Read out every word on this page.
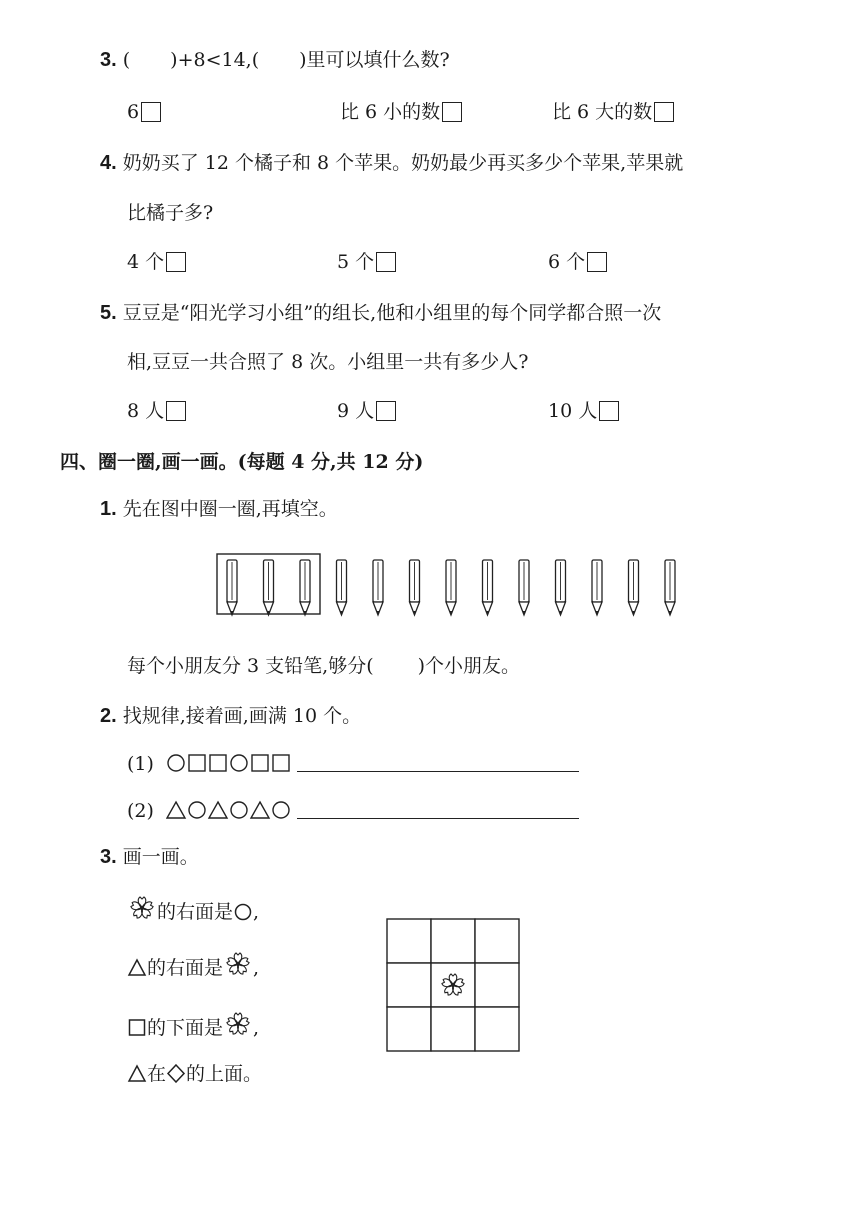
3. ( )+8<14,( )里可以填什么数?
6	比 6 小的数	比 6 大的数
4. 奶奶买了 12 个橘子和 8 个苹果。奶奶最少再买多少个苹果,苹果就
比橘子多?
4 个	5 个	6 个
5. 豆豆是“阳光学习小组”的组长,他和小组里的每个同学都合照一次
相,豆豆一共合照了 8 次。小组里一共有多少人?
8 人	9 人	10 人
四、圈一圈,画一画。(每题 4 分,共 12 分)
1. 先在图中圈一圈,再填空。
每个小朋友分 3 支铅笔,够分( )个小朋友。
2. 找规律,接着画,画满 10 个。
(1)
(2)
3. 画一画。
的右面是 ,
的右面是 ,
的下面是 ,
在 的上面。
